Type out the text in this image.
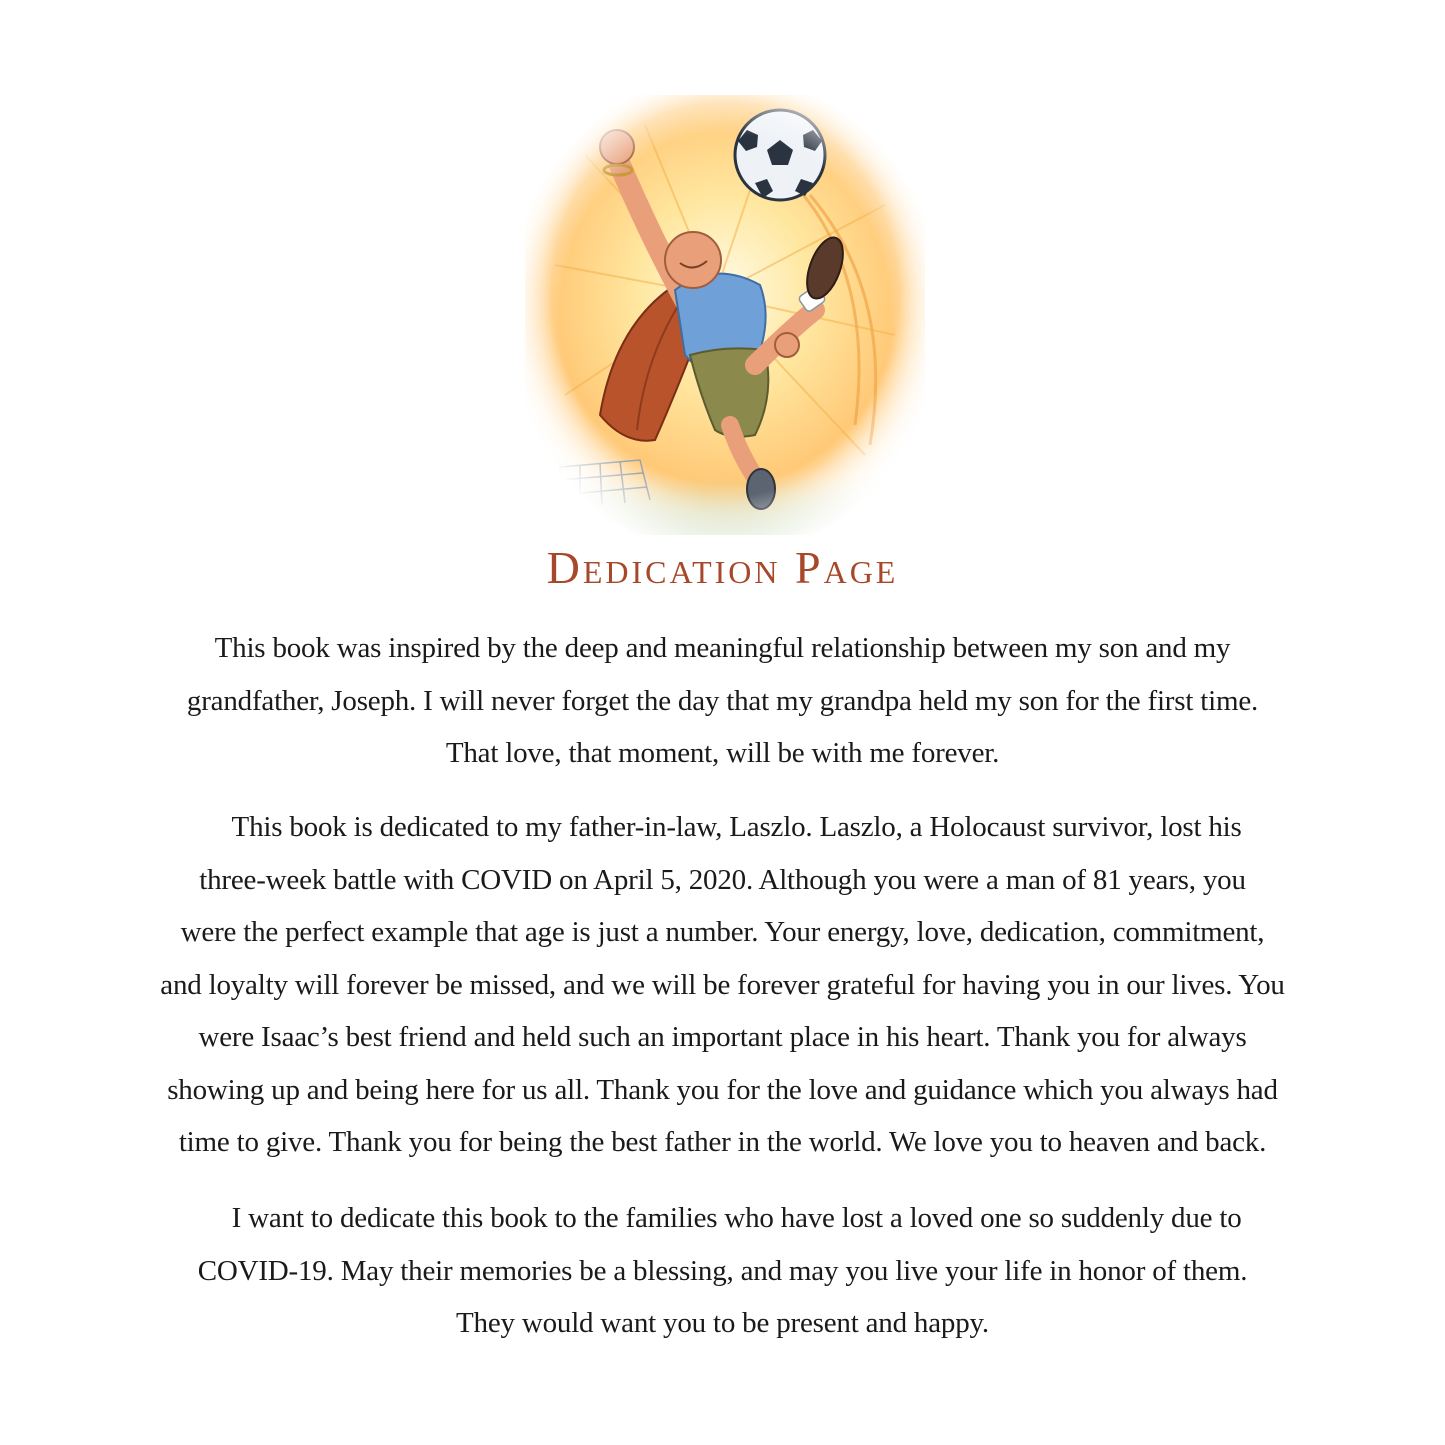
Dedication Page

This book was inspired by the deep and meaningful relationship between my son and my
grandfather, Joseph. I will never forget the day that my grandpa held my son for the first time.
That love, that moment, will be with me forever.

This book is dedicated to my father-in-law, Laszlo. Laszlo, a Holocaust survivor, lost his
three-week battle with COVID on April 5, 2020. Although you were a man of 81 years, you
were the perfect example that age is just a number. Your energy, love, dedication, commitment,
and loyalty will forever be missed, and we will be forever grateful for having you in our lives. You
were Isaac’s best friend and held such an important place in his heart. Thank you for always
showing up and being here for us all. Thank you for the love and guidance which you always had
time to give. Thank you for being the best father in the world. We love you to heaven and back.

I want to dedicate this book to the families who have lost a loved one so suddenly due to
COVID-19. May their memories be a blessing, and may you live your life in honor of them.
They would want you to be present and happy.
